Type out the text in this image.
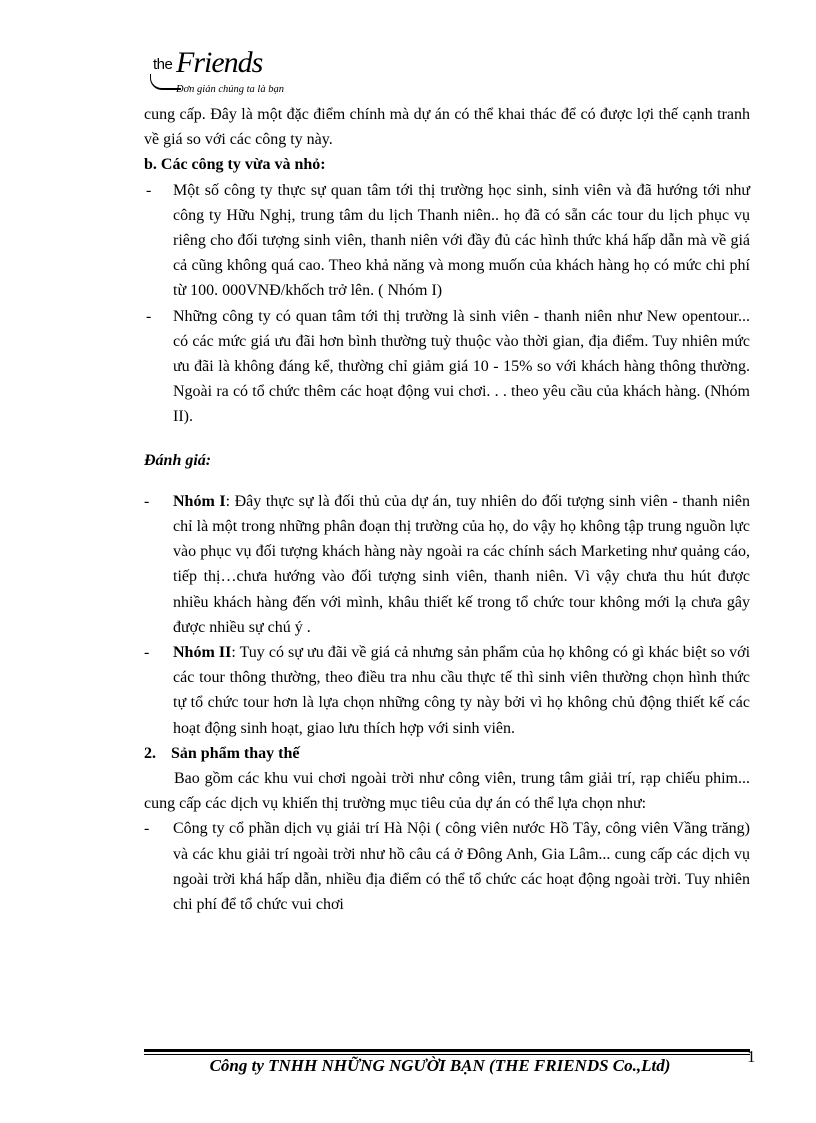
the Friends
Đơn giản chúng ta là bạn

cung cấp. Đây là một đặc điểm chính mà dự án có thể khai thác để có được lợi thế cạnh tranh về giá so với các công ty này.

b. Các công ty vừa và nhỏ:

- Một số công ty thực sự quan tâm tới thị trường học sinh, sinh viên và đã hướng tới như công ty Hữu Nghị, trung tâm du lịch Thanh niên.. họ đã có sẵn các tour du lịch phục vụ riêng cho đối tượng sinh viên, thanh niên với đầy đủ các hình thức khá hấp dẫn mà về giá cả cũng không quá cao. Theo khả năng và mong muốn của khách hàng họ có mức chi phí từ 100. 000VNĐ/khốch trở lên. ( Nhóm I)

- Những công ty có quan tâm tới thị trường là sinh viên - thanh niên như New opentour... có các mức giá ưu đãi hơn bình thường tuỳ thuộc vào thời gian, địa điểm. Tuy nhiên mức ưu đãi là không đáng kể, thường chỉ giảm giá 10 - 15% so với khách hàng thông thường. Ngoài ra có tổ chức thêm các hoạt động vui chơi. . . theo yêu cầu của khách hàng. (Nhóm II).

Đánh giá:

- Nhóm I: Đây thực sự là đối thủ của dự án, tuy nhiên do đối tượng sinh viên - thanh niên chỉ là một trong những phân đoạn thị trường của họ, do vậy họ không tập trung nguồn lực vào phục vụ đối tượng khách hàng này ngoài ra các chính sách Marketing như quảng cáo, tiếp thị…chưa hướng vào đối tượng sinh viên, thanh niên. Vì vậy chưa thu hút được nhiều khách hàng đến với mình, khâu thiết kế trong tổ chức tour không mới lạ chưa gây được nhiều sự chú ý .

- Nhóm II: Tuy có sự ưu đãi về giá cả nhưng sản phẩm của họ không có gì khác biệt so với các tour thông thường, theo điều tra nhu cầu thực tế thì sinh viên thường chọn hình thức tự tổ chức tour hơn là lựa chọn những công ty này bởi vì họ không chủ động thiết kế các hoạt động sinh hoạt, giao lưu thích hợp với sinh viên.

2. Sản phẩm thay thế

Bao gồm các khu vui chơi ngoài trời như công viên, trung tâm giải trí, rạp chiếu phim... cung cấp các dịch vụ khiến thị trường mục tiêu của dự án có thể lựa chọn như:

- Công ty cổ phần dịch vụ giải trí Hà Nội ( công viên nước Hồ Tây, công viên Vầng trăng) và các khu giải trí ngoài trời như hồ câu cá ở Đông Anh, Gia Lâm... cung cấp các dịch vụ ngoài trời khá hấp dẫn, nhiều địa điểm có thể tổ chức các hoạt động ngoài trời. Tuy nhiên chi phí để tổ chức vui chơi

Công ty TNHH NHỮNG NGƯỜI BẠN (THE FRIENDS Co.,Ltd)	1
